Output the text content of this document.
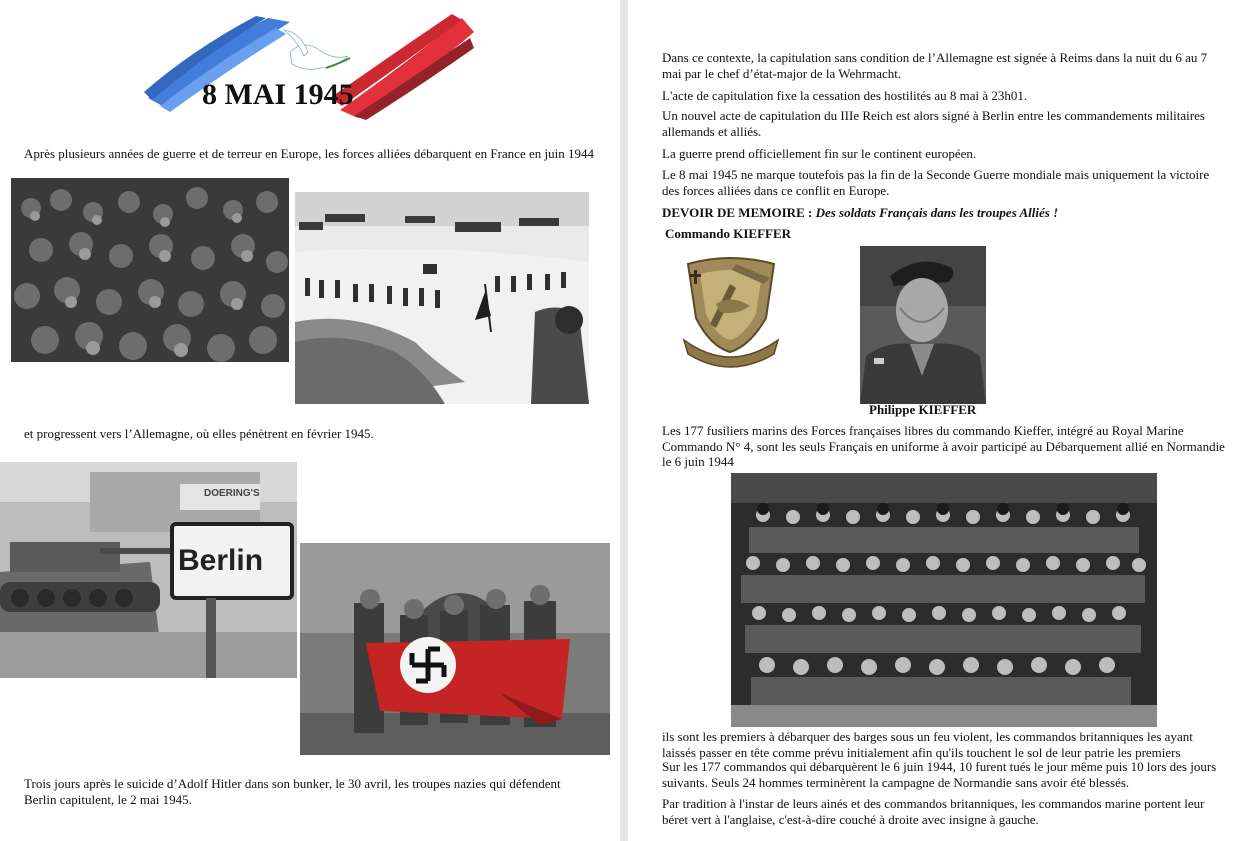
8 MAI 1945

Après plusieurs années de guerre et de terreur en Europe, les forces alliées débarquent en France en juin 1944

et progressent vers l’Allemagne, où elles pénètrent en février 1945.

DOERING'S
Berlin

Trois jours après le suicide d’Adolf Hitler dans son bunker, le 30 avril, les troupes nazies qui défendent Berlin capitulent, le 2 mai 1945.

Dans ce contexte, la capitulation sans condition de l’Allemagne est signée à Reims dans la nuit du 6 au 7 mai par le chef d’état-major de la Wehrmacht.

L'acte de capitulation fixe la cessation des hostilités au 8 mai à 23h01.

Un nouvel acte de capitulation du IIIe Reich est alors signé à Berlin entre les commandements militaires allemands et alliés.

La guerre prend officiellement fin sur le continent européen.

Le 8 mai 1945 ne marque toutefois pas la fin de la Seconde Guerre mondiale mais uniquement la victoire des forces alliées dans ce conflit en Europe.

DEVOIR DE MEMOIRE : Des soldats Français dans les troupes Alliés !

Commando KIEFFER

Philippe KIEFFER

Les 177 fusiliers marins des Forces françaises libres du commando Kieffer, intégré au Royal Marine Commando N° 4, sont les seuls Français en uniforme à avoir participé au Débarquement allié en Normandie le 6 juin 1944

ils sont les premiers à débarquer des barges sous un feu violent, les commandos britanniques les ayant laissés passer en tête comme prévu initialement afin qu'ils touchent le sol de leur patrie les premiers

Sur les 177 commandos qui débarquèrent le 6 juin 1944, 10 furent tués le jour même puis 10 lors des jours suivants. Seuls 24 hommes terminèrent la campagne de Normandie sans avoir été blessés.

Par tradition à l'instar de leurs ainés et des commandos britanniques, les commandos marine portent leur béret vert à l'anglaise, c'est-à-dire couché à droite avec insigne à gauche.
